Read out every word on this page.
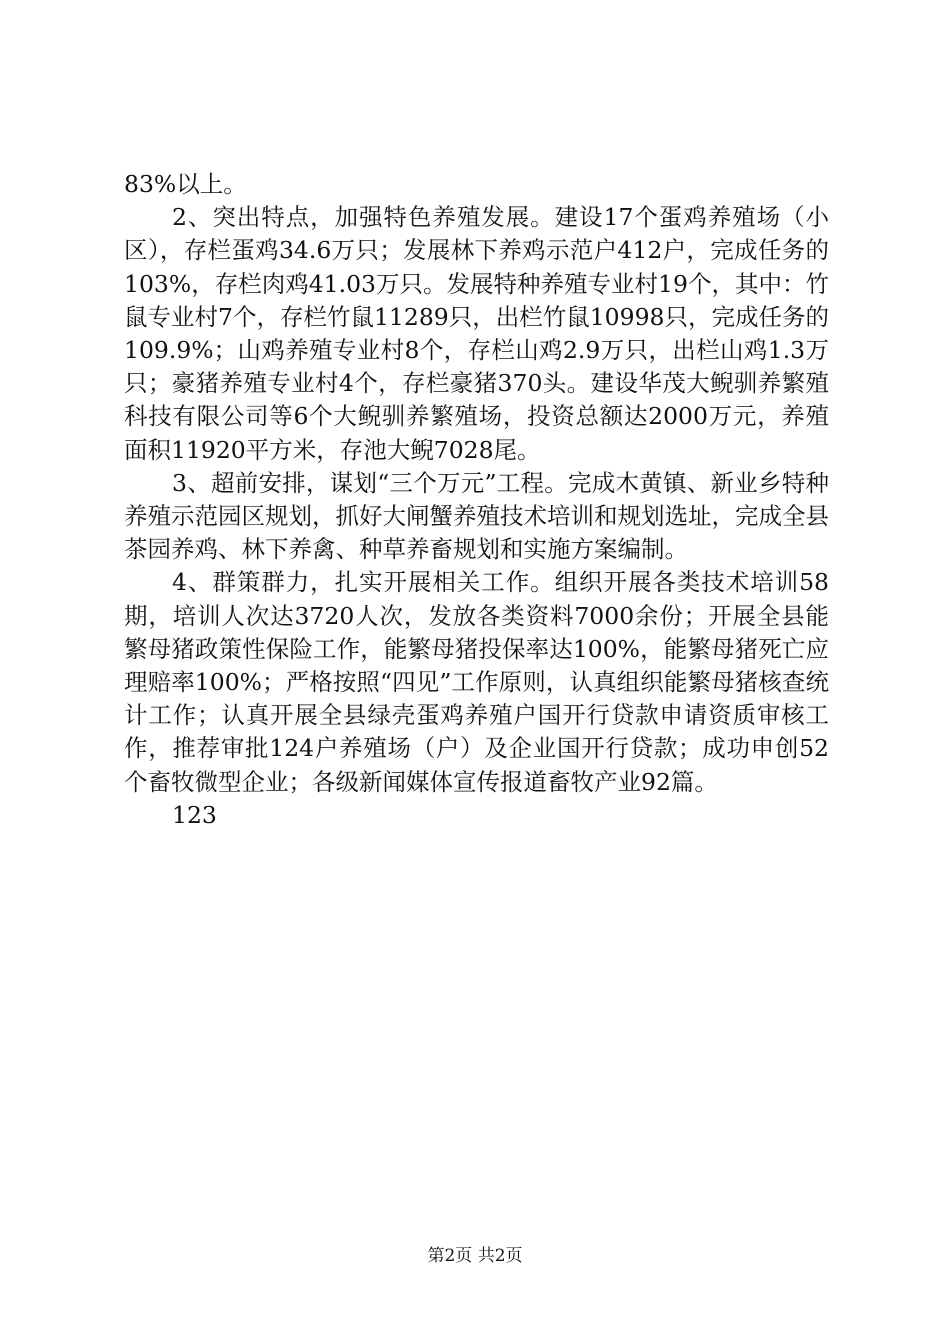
83%以上。

2、突出特点，加强特色养殖发展。建设17个蛋鸡养殖场（小区），存栏蛋鸡34.6万只；发展林下养鸡示范户412户，完成任务的103%，存栏肉鸡41.03万只。发展特种养殖专业村19个，其中：竹鼠专业村7个，存栏竹鼠11289只，出栏竹鼠10998只，完成任务的109.9%；山鸡养殖专业村8个，存栏山鸡2.9万只，出栏山鸡1.3万只；豪猪养殖专业村4个，存栏豪猪370头。建设华茂大鲵驯养繁殖科技有限公司等6个大鲵驯养繁殖场，投资总额达2000万元，养殖面积11920平方米，存池大鲵7028尾。

3、超前安排，谋划“三个万元”工程。完成木黄镇、新业乡特种养殖示范园区规划，抓好大闸蟹养殖技术培训和规划选址，完成全县茶园养鸡、林下养禽、种草养畜规划和实施方案编制。

4、群策群力，扎实开展相关工作。组织开展各类技术培训58期，培训人次达3720人次，发放各类资料7000余份；开展全县能繁母猪政策性保险工作，能繁母猪投保率达100%，能繁母猪死亡应理赔率100%；严格按照“四见”工作原则，认真组织能繁母猪核查统计工作；认真开展全县绿壳蛋鸡养殖户国开行贷款申请资质审核工作，推荐审批124户养殖场（户）及企业国开行贷款；成功申创52个畜牧微型企业；各级新闻媒体宣传报道畜牧产业92篇。

123

第2页 共2页
